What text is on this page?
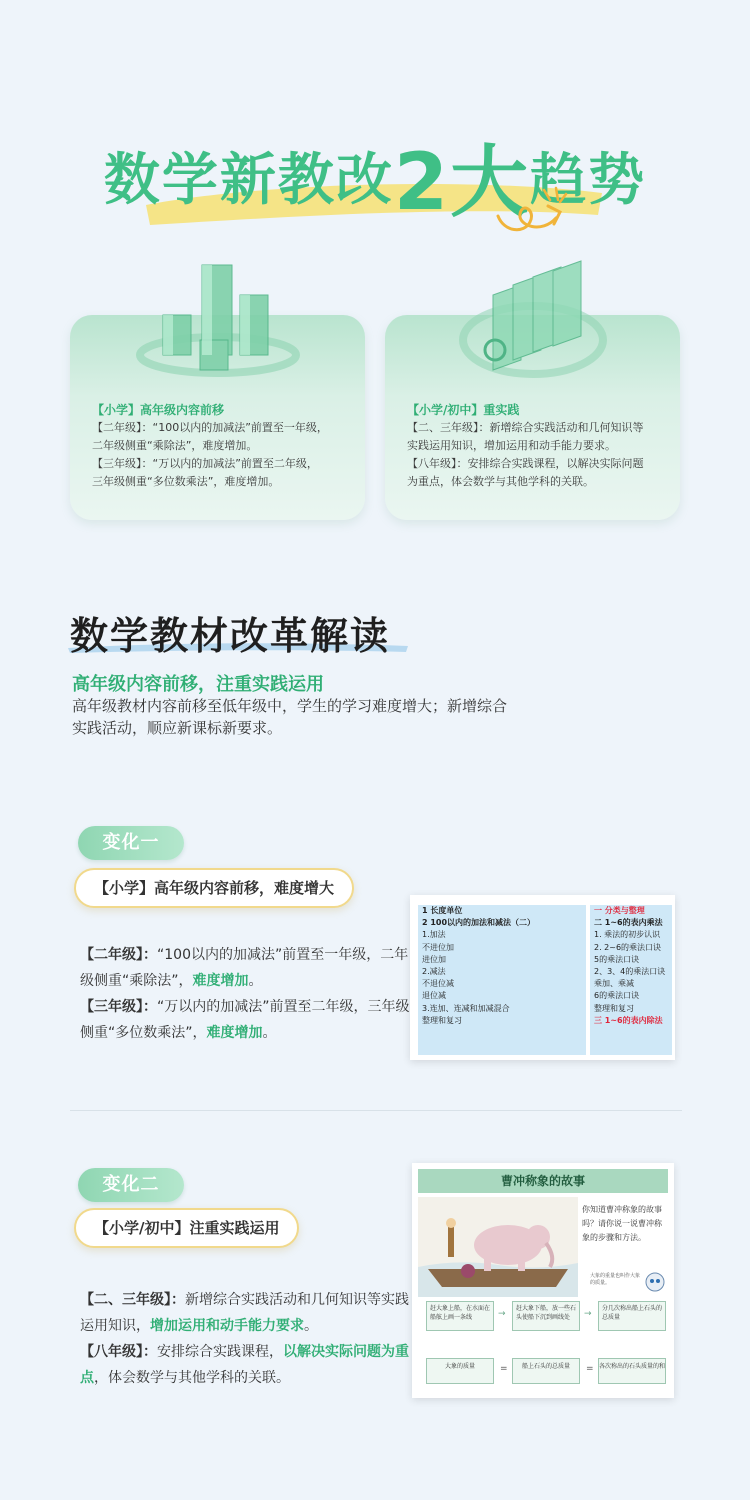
数学新教改2大趋势
【小学】高年级内容前移
【二年级】：“100以内的加减法”前置至一年级，
二年级侧重“乘除法”，难度增加。
【三年级】：“万以内的加减法”前置至二年级，
三年级侧重“多位数乘法”，难度增加。
【小学/初中】重实践
【二、三年级】：新增综合实践活动和几何知识等
实践运用知识，增加运用和动手能力要求。
【八年级】：安排综合实践课程，以解决实际问题
为重点，体会数学与其他学科的关联。
数学教材改革解读
高年级内容前移，注重实践运用
高年级教材内容前移至低年级中，学生的学习难度增大；新增综合实践活动，顺应新课标新要求。
变化一
【小学】高年级内容前移，难度增大

【二年级】：“100以内的加减法”前置至一年级，二年级侧重“乘除法”，难度增加。

【三年级】：“万以内的加减法”前置至二年级，三年级侧重“多位数乘法”，难度增加。

1 长度单位
2 100以内的加法和减法（二）
1.加法
不进位加
进位加
2.减法
不退位减
退位减
3.连加、连减和加减混合
整理和复习
一 分类与整理
二 1~6的表内乘法
1. 乘法的初步认识
2. 2~6的乘法口诀
5的乘法口诀
2、3、4的乘法口诀
乘加、乘减
6的乘法口诀
整理和复习
三 1~6的表内除法
变化二
【小学/初中】注重实践运用

【二、三年级】：新增综合实践活动和几何知识等实践运用知识，增加运用和动手能力要求。

【八年级】：安排综合实践课程，以解决实际问题为重点，体会数学与其他学科的关联。

曹冲称象的故事
你知道曹冲称象的故事吗？请你说一说曹冲称象的步骤和方法。
大象的重量也叫作大象的质量。
赶大象上船，在水面在船舷上画一条线	→
赶大象下船，放一些石头使船下沉到画线处	→
分几次称出船上石头的总质量
大象的质量	=	船上石头的总质量	= 各次称出的石头质量的和
